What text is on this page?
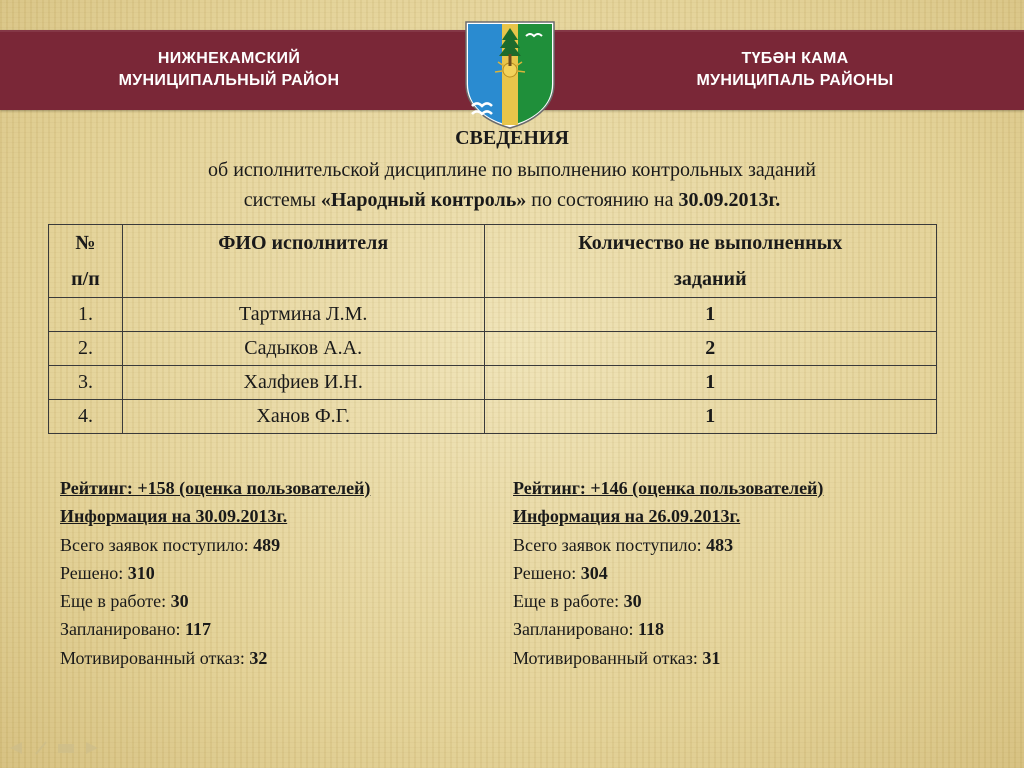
НИЖНЕКАМСКИЙ
МУНИЦИПАЛЬНЫЙ РАЙОН
ТҮБӘН КАМА
МУНИЦИПАЛЬ РАЙОНЫ
СВЕДЕНИЯ
об исполнительской дисциплине по выполнению контрольных заданий
системы «Народный контроль» по состоянию на 30.09.2013г.
№
п/п	ФИО исполнителя	Количество не выполненных
заданий
1.	Тартмина Л.М.	1
2.	Садыков А.А.	2
3.	Халфиев И.Н.	1
4.	Ханов Ф.Г.	1
Рейтинг: +158 (оценка пользователей)
Информация на 30.09.2013г.
Всего заявок поступило: 489
Решено: 310
Еще в работе: 30
Запланировано: 117
Мотивированный отказ: 32
Рейтинг: +146 (оценка пользователей)
Информация на 26.09.2013г.
Всего заявок поступило: 483
Решено: 304
Еще в работе: 30
Запланировано: 118
Мотивированный отказ: 31
